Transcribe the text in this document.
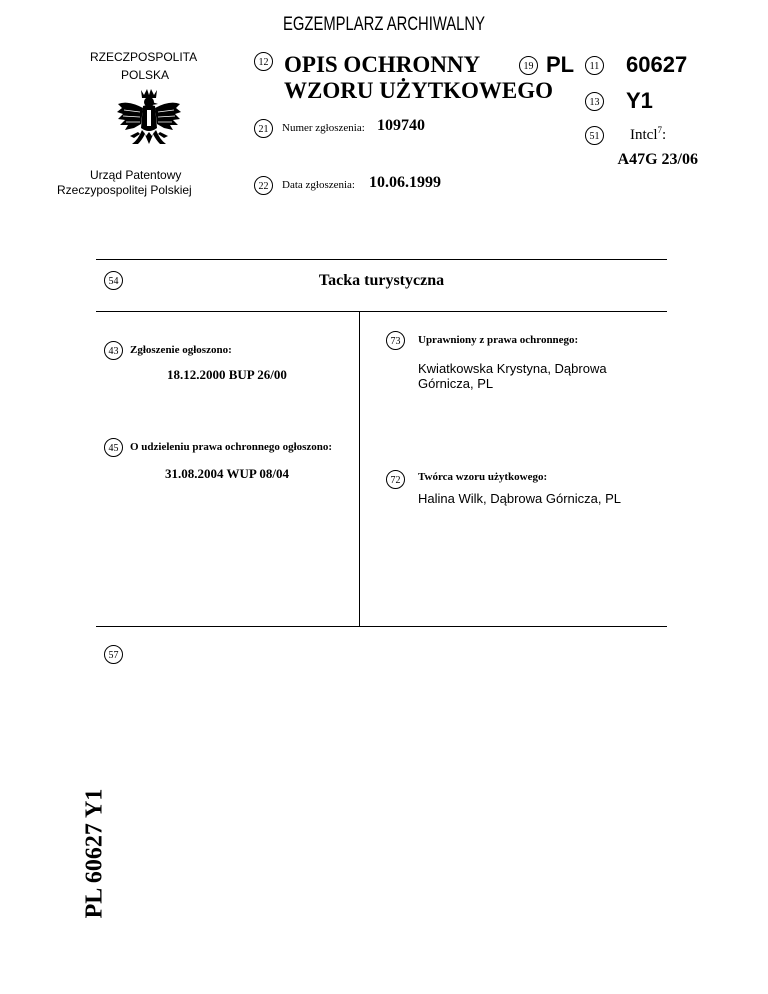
EGZEMPLARZ ARCHIWALNY
RZECZPOSPOLITA
POLSKA
Urząd Patentowy
Rzeczypospolitej Polskiej
12 OPIS OCHRONNY
WZORU UŻYTKOWEGO
19 PL	11 60627
13 Y1
21	Numer zgłoszenia: 109740
51	Intcl$^7$:
A47G 23/06
22	Data zgłoszenia: 10.06.1999
54	Tacka turystyczna
43	Zgłoszenie ogłoszono:
18.12.2000 BUP 26/00
45	O udzieleniu prawa ochronnego ogłoszono:
31.08.2004 WUP 08/04
73	Uprawniony z prawa ochronnego:
Kwiatkowska Krystyna, Dąbrowa
Górnicza, PL
72	Twórca wzoru użytkowego:
Halina Wilk, Dąbrowa Górnicza, PL
57
PL 60627 Y1
